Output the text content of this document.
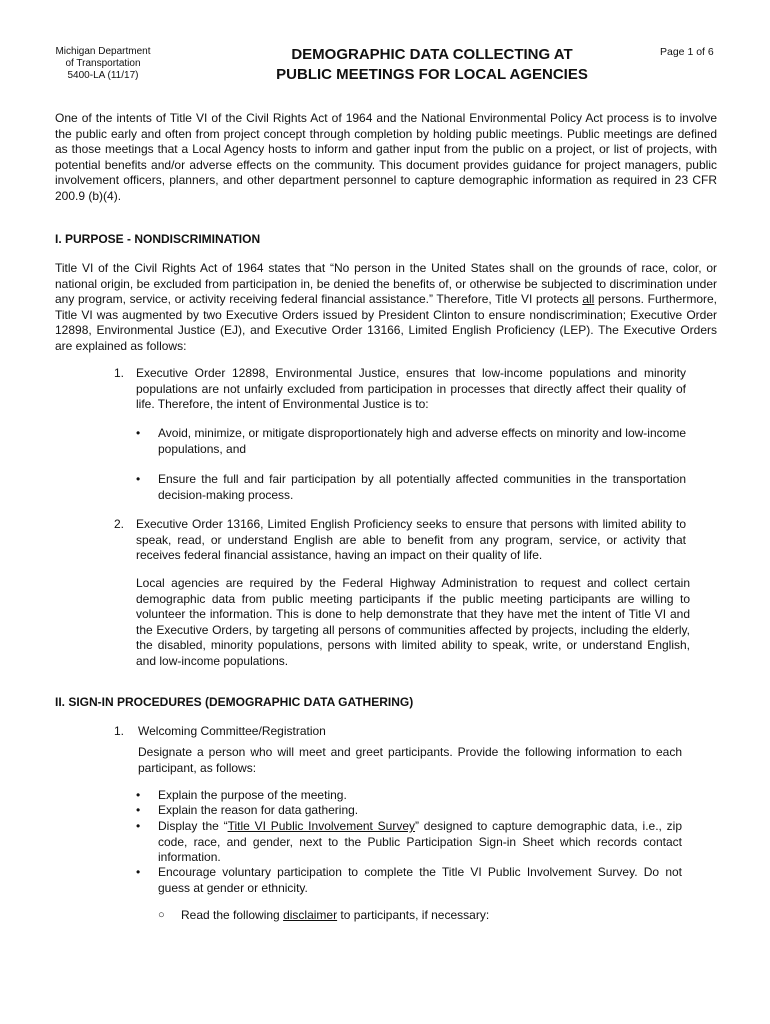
Michigan Department
of Transportation
5400-LA (11/17)
DEMOGRAPHIC DATA COLLECTING AT
PUBLIC MEETINGS FOR LOCAL AGENCIES
Page 1 of 6
One of the intents of Title VI of the Civil Rights Act of 1964 and the National Environmental Policy Act process is to involve the public early and often from project concept through completion by holding public meetings. Public meetings are defined as those meetings that a Local Agency hosts to inform and gather input from the public on a project, or list of projects, with potential benefits and/or adverse effects on the community. This document provides guidance for project managers, public involvement officers, planners, and other department personnel to capture demographic information as required in 23 CFR 200.9 (b)(4).
I. PURPOSE - NONDISCRIMINATION
Title VI of the Civil Rights Act of 1964 states that “No person in the United States shall on the grounds of race, color, or national origin, be excluded from participation in, be denied the benefits of, or otherwise be subjected to discrimination under any program, service, or activity receiving federal financial assistance.” Therefore, Title VI protects all persons. Furthermore, Title VI was augmented by two Executive Orders issued by President Clinton to ensure nondiscrimination; Executive Order 12898, Environmental Justice (EJ), and Executive Order 13166, Limited English Proficiency (LEP). The Executive Orders are explained as follows:
1. Executive Order 12898, Environmental Justice, ensures that low-income populations and minority populations are not unfairly excluded from participation in processes that directly affect their quality of life. Therefore, the intent of Environmental Justice is to:
• Avoid, minimize, or mitigate disproportionately high and adverse effects on minority and low-income populations, and
• Ensure the full and fair participation by all potentially affected communities in the transportation decision-making process.
2. Executive Order 13166, Limited English Proficiency seeks to ensure that persons with limited ability to speak, read, or understand English are able to benefit from any program, service, or activity that receives federal financial assistance, having an impact on their quality of life.
Local agencies are required by the Federal Highway Administration to request and collect certain demographic data from public meeting participants if the public meeting participants are willing to volunteer the information. This is done to help demonstrate that they have met the intent of Title VI and the Executive Orders, by targeting all persons of communities affected by projects, including the elderly, the disabled, minority populations, persons with limited ability to speak, write, or understand English, and low-income populations.
II. SIGN-IN PROCEDURES (DEMOGRAPHIC DATA GATHERING)
1. Welcoming Committee/Registration
Designate a person who will meet and greet participants. Provide the following information to each participant, as follows:
• Explain the purpose of the meeting.
• Explain the reason for data gathering.
• Display the “Title VI Public Involvement Survey” designed to capture demographic data, i.e., zip code, race, and gender, next to the Public Participation Sign-in Sheet which records contact information.
• Encourage voluntary participation to complete the Title VI Public Involvement Survey. Do not guess at gender or ethnicity.
○ Read the following disclaimer to participants, if necessary:
